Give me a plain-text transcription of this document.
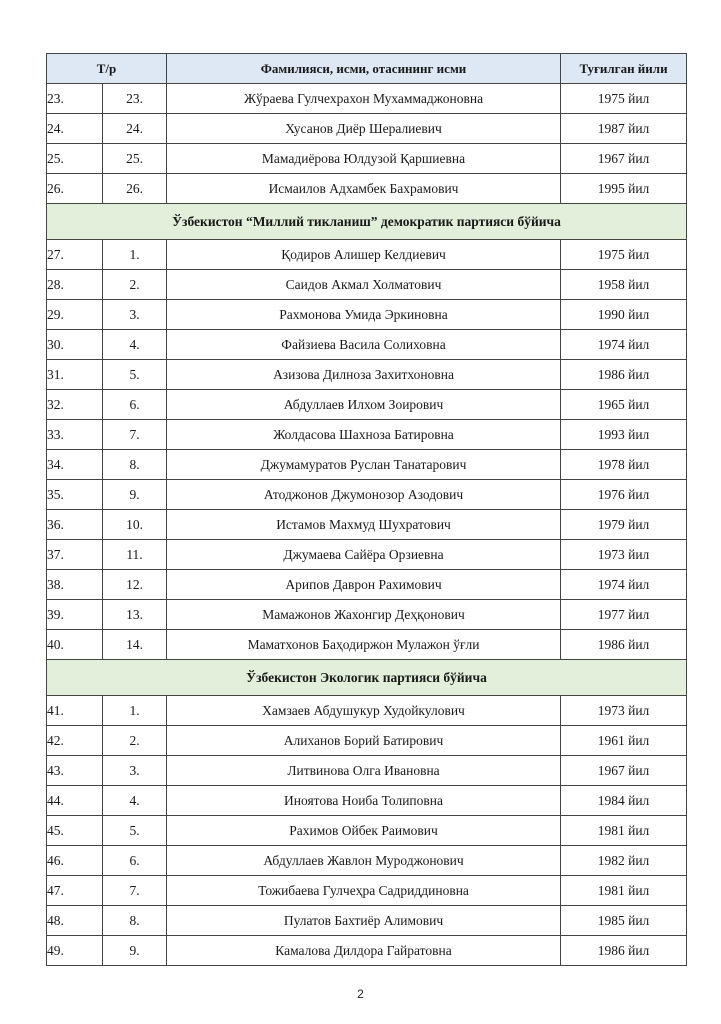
Т/р		Фамилияси, исми, отасининг исми	Туғилган йили
23.	23.	Жўраева Гулчехрахон Мухаммаджоновна	1975 йил
24.	24.	Хусанов Диёр Шералиевич	1987 йил
25.	25.	Мамадиёрова Юлдузой Қаршиевна	1967 йил
26.	26.	Исмаилов Адхамбек Бахрамович	1995 йил
Ўзбекистон “Миллий тикланиш” демократик партияси бўйича			
27.	1.	Қодиров Алишер Келдиевич	1975 йил
28.	2.	Саидов Акмал Холматович	1958 йил
29.	3.	Рахмонова Умида Эркиновна	1990 йил
30.	4.	Файзиева Васила Солиховна	1974 йил
31.	5.	Азизова Дилноза Захитхоновна	1986 йил
32.	6.	Абдуллаев Илхом Зоирович	1965 йил
33.	7.	Жолдасова Шахноза Батировна	1993 йил
34.	8.	Джумамуратов Руслан Танатарович	1978 йил
35.	9.	Атоджонов Джумонозор Азодович	1976 йил
36.	10.	Истамов Махмуд Шухратович	1979 йил
37.	11.	Джумаева Сайёра Орзиевна	1973 йил
38.	12.	Арипов Даврон Рахимович	1974 йил
39.	13.	Мамажонов Жахонгир Деҳқонович	1977 йил
40.	14.	Маматхонов Баҳодиржон Мулажон ўғли	1986 йил
Ўзбекистон Экологик партияси бўйича			
41.	1.	Хамзаев Абдушукур Худойкулович	1973 йил
42.	2.	Алиханов Борий Батирович	1961 йил
43.	3.	Литвинова Олга Ивановна	1967 йил
44.	4.	Иноятова Ноиба Толиповна	1984 йил
45.	5.	Рахимов Ойбек Раимович	1981 йил
46.	6.	Абдуллаев Жавлон Муроджонович	1982 йил
47.	7.	Тожибаева Гулчеҳра Садриддиновна	1981 йил
48.	8.	Пулатов Бахтиёр Алимович	1985 йил
49.	9.	Камалова Дилдора Гайратовна	1986 йил
2
